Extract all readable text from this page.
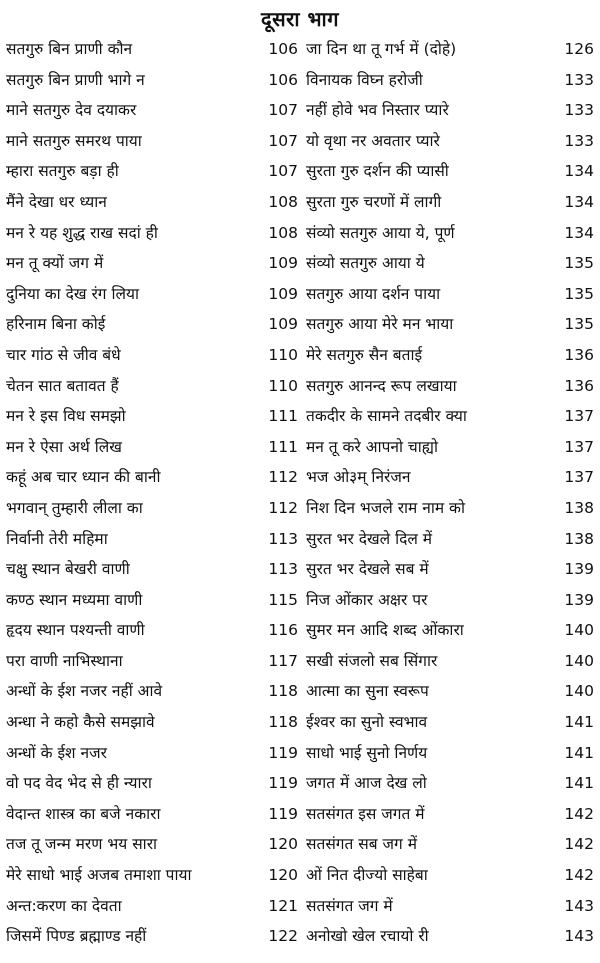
दूसरा भाग
सतगुरु बिन प्राणी कौन	106 जा दिन था तू गर्भ में (दोहे)	126
सतगुरु बिन प्राणी भागे न	106 विनायक विघ्न हरोजी	133
माने सतगुरु देव दयाकर	107 नहीं होवे भव निस्तार प्यारे	133
माने सतगुरु समरथ पाया	107 यो वृथा नर अवतार प्यारे	133
म्हारा सतगुरु बड़ा ही	107 सुरता गुरु दर्शन की प्यासी	134
मैंने देखा धर ध्यान	108 सुरता गुरु चरणों में लागी	134
मन रे यह शुद्ध राख सदां ही	108 संव्यो सतगुरु आया ये, पूर्ण	134
मन तू क्यों जग में	109 संव्यो सतगुरु आया ये	135
दुनिया का देख रंग लिया	109 सतगुरु आया दर्शन पाया	135
हरिनाम बिना कोई	109 सतगुरु आया मेरे मन भाया	135
चार गांठ से जीव बंधे	110 मेरे सतगुरु सैन बताई	136
चेतन सात बतावत हैं	110 सतगुरु आनन्द रूप लखाया	136
मन रे इस विध समझो	111 तकदीर के सामने तदबीर क्या	137
मन रे ऐसा अर्थ लिख	111 मन तू करे आपनो चाह्यो	137
कहूं अब चार ध्यान की बानी	112 भज ओ३म् निरंजन	137
भगवान् तुम्हारी लीला का	112 निश दिन भजले राम नाम को	138
निर्वानी तेरी महिमा	113 सुरत भर देखले दिल में	138
चक्षु स्थान बेखरी वाणी	113 सुरत भर देखले सब में	139
कण्ठ स्थान मध्यमा वाणी	115 निज ओंकार अक्षर पर	139
हृदय स्थान पश्यन्ती वाणी	116 सुमर मन आदि शब्द ओंकारा	140
परा वाणी नाभिस्थाना	117 सखी संजलो सब सिंगार	140
अन्धों के ईश नजर नहीं आवे	118 आत्मा का सुना स्वरूप	140
अन्धा ने कहो कैसे समझावे	118 ईश्वर का सुनो स्वभाव	141
अन्धों के ईश नजर	119 साधो भाई सुनो निर्णय	141
वो पद वेद भेद से ही न्यारा	119 जगत में आज देख लो	141
वेदान्त शास्त्र का बजे नकारा	119 सतसंगत इस जगत में	142
तज तू जन्म मरण भय सारा	120 सतसंगत सब जग में	142
मेरे साधो भाई अजब तमाशा पाया	120 ओं नित दीज्यो साहेबा	142
अन्त:करण का देवता	121 सतसंगत जग में	143
जिसमें पिण्ड ब्रह्माण्ड नहीं	122 अनोखो खेल रचायो री	143
